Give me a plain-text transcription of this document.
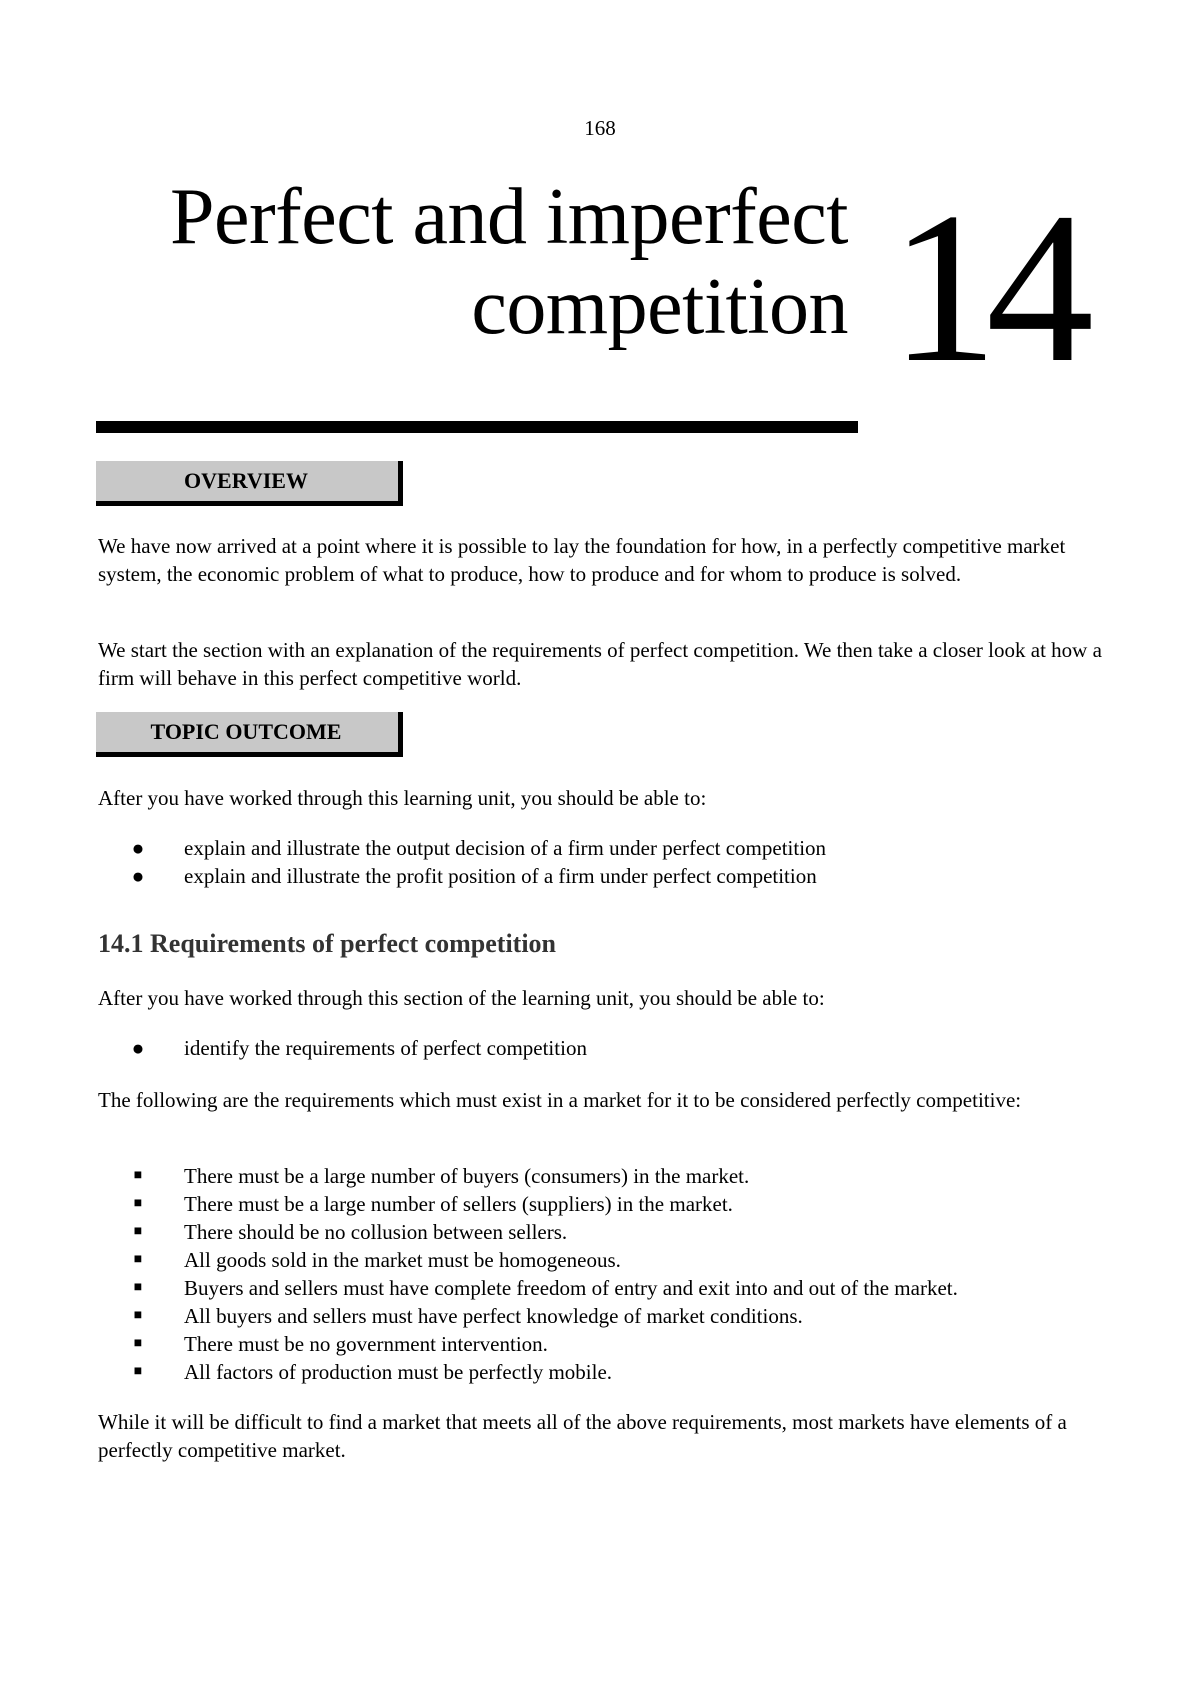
168
Perfect and imperfect
competition 14
OVERVIEW

We have now arrived at a point where it is possible to lay the foundation for how, in a perfectly competitive market system, the economic problem of what to produce, how to produce and for whom to produce is solved.

We start the section with an explanation of the requirements of perfect competition. We then take a closer look at how a firm will behave in this perfect competitive world.

TOPIC OUTCOME

After you have worked through this learning unit, you should be able to:

● explain and illustrate the output decision of a firm under perfect competition
● explain and illustrate the profit position of a firm under perfect competition
14.1 Requirements of perfect competition

After you have worked through this section of the learning unit, you should be able to:

● identify the requirements of perfect competition

The following are the requirements which must exist in a market for it to be considered perfectly competitive:

■ There must be a large number of buyers (consumers) in the market.
■ There must be a large number of sellers (suppliers) in the market.
■ There should be no collusion between sellers.
■ All goods sold in the market must be homogeneous.
■ Buyers and sellers must have complete freedom of entry and exit into and out of the market.
■ All buyers and sellers must have perfect knowledge of market conditions.
■ There must be no government intervention.
■ All factors of production must be perfectly mobile.

While it will be difficult to find a market that meets all of the above requirements, most markets have elements of a perfectly competitive market.
